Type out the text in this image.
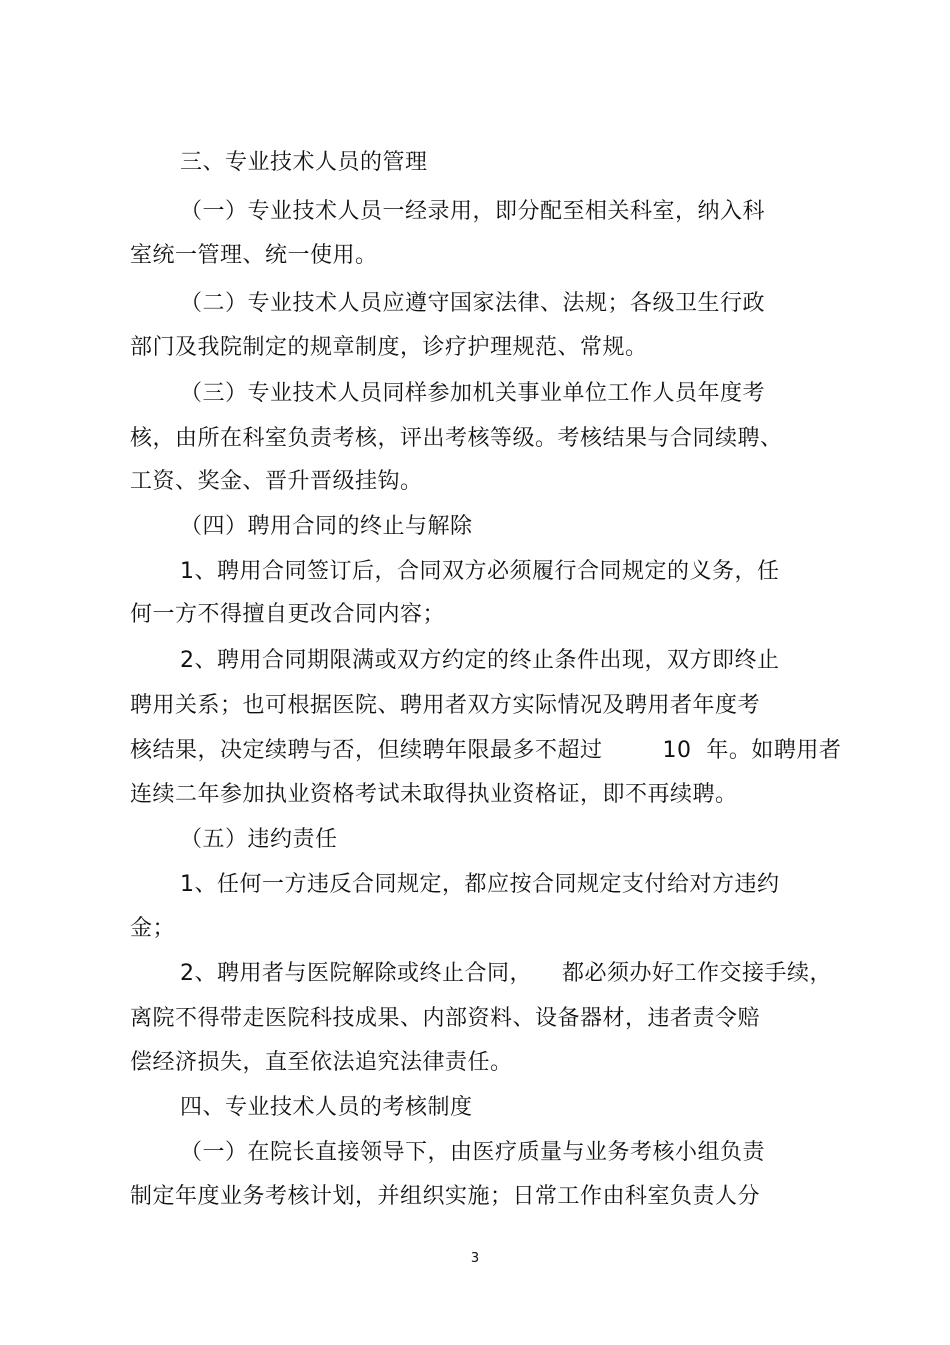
三、专业技术人员的管理
（一）专业技术人员一经录用，即分配至相关科室，纳入科
室统一管理、统一使用。
（二）专业技术人员应遵守国家法律、法规；各级卫生行政
部门及我院制定的规章制度，诊疗护理规范、常规。
（三）专业技术人员同样参加机关事业单位工作人员年度考
核，由所在科室负责考核，评出考核等级。考核结果与合同续聘、
工资、奖金、晋升晋级挂钩。
（四）聘用合同的终止与解除
1、聘用合同签订后，合同双方必须履行合同规定的义务，任
何一方不得擅自更改合同内容；
2、聘用合同期限满或双方约定的终止条件出现，双方即终止
聘用关系；也可根据医院、聘用者双方实际情况及聘用者年度考
核结果，决定续聘与否，但续聘年限最多不超过        10  年。如聘用者
连续二年参加执业资格考试未取得执业资格证，即不再续聘。
（五）违约责任
1、任何一方违反合同规定，都应按合同规定支付给对方违约
金；
2、聘用者与医院解除或终止合同，    都必须办好工作交接手续，
离院不得带走医院科技成果、内部资料、设备器材，违者责令赔
偿经济损失，直至依法追究法律责任。
四、专业技术人员的考核制度
（一）在院长直接领导下，由医疗质量与业务考核小组负责
制定年度业务考核计划，并组织实施；日常工作由科室负责人分
3
